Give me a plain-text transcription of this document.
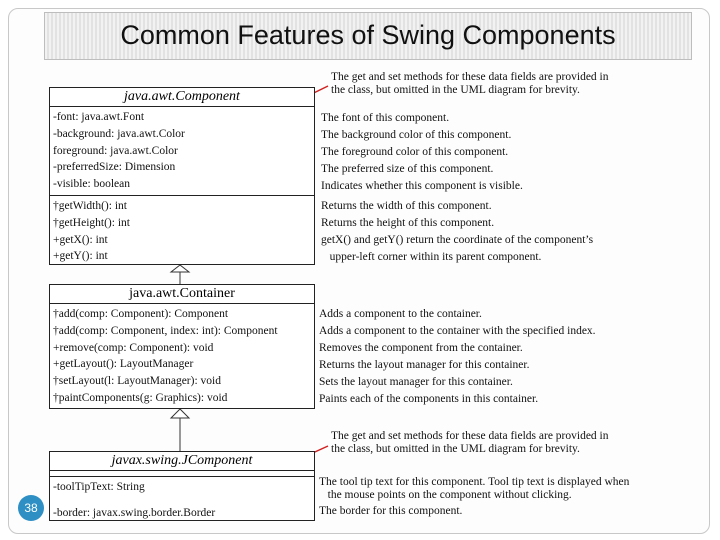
Common Features of Swing Components
java.awt.Component
-font: java.awt.Font
-background: java.awt.Color
foreground: java.awt.Color
-preferredSize: Dimension
-visible: boolean
†getWidth(): int
†getHeight(): int
+getX(): int
+getY(): int
The get and set methods for these data fields are provided in
the class, but omitted in the UML diagram for brevity.
The font of this component.
The background color of this component.
The foreground color of this component.
The preferred size of this component.
Indicates whether this component is visible.
Returns the width of this component.
Returns the height of this component.
getX() and getY() return the coordinate of the component’s
upper-left corner within its parent component.
java.awt.Container
†add(comp: Component): Component
†add(comp: Component, index: int): Component
+remove(comp: Component): void
+getLayout(): LayoutManager
†setLayout(l: LayoutManager): void
†paintComponents(g: Graphics): void
Adds a component to the container.
Adds a component to the container with the specified index.
Removes the component from the container.
Returns the layout manager for this container.
Sets the layout manager for this container.
Paints each of the components in this container.
javax.swing.JComponent
-toolTipText: String
-border: javax.swing.border.Border
The get and set methods for these data fields are provided in
the class, but omitted in the UML diagram for brevity.
The tool tip text for this component. Tool tip text is displayed when
the mouse points on the component without clicking.
The border for this component.
38
